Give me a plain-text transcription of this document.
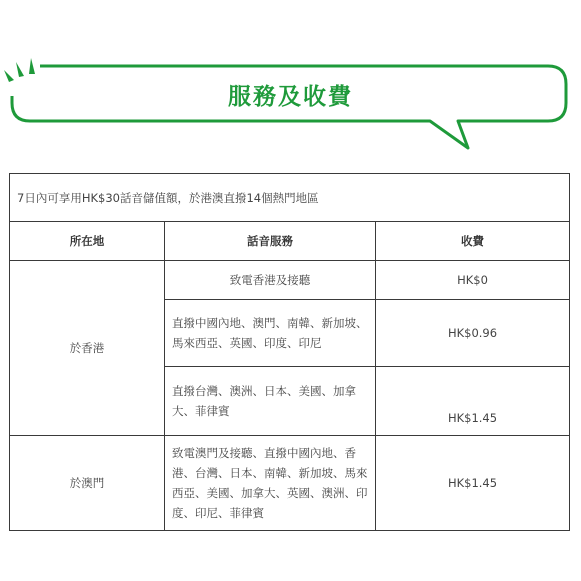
服務及收費
7日內可享用HK$30話音儲值額，於港澳直撥14個熱門地區		
所在地	話音服務	收費
於香港	致電香港及接聽	HK$0
	直撥中國內地、澳門、南韓、新加坡、馬來西亞、英國、印度、印尼	HK$0.96
	直撥台灣、澳洲、日本、美國、加拿大、菲律賓	HK$1.45
於澳門	致電澳門及接聽、直撥中國內地、香港、台灣、日本、南韓、新加坡、馬來西亞、美國、加拿大、英國、澳洲、印度、印尼、菲律賓	HK$1.45
